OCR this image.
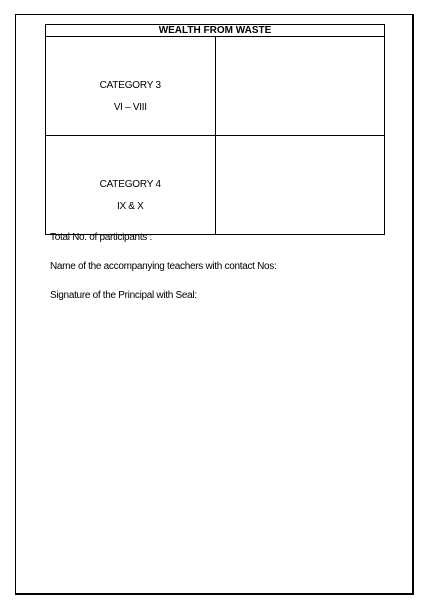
WEALTH FROM WASTE	

CATEGORY 3
VI – VIII	

CATEGORY 4
IX & X	

Total No. of participants :
Name of the accompanying teachers with contact Nos:
Signature of the Principal with Seal:
